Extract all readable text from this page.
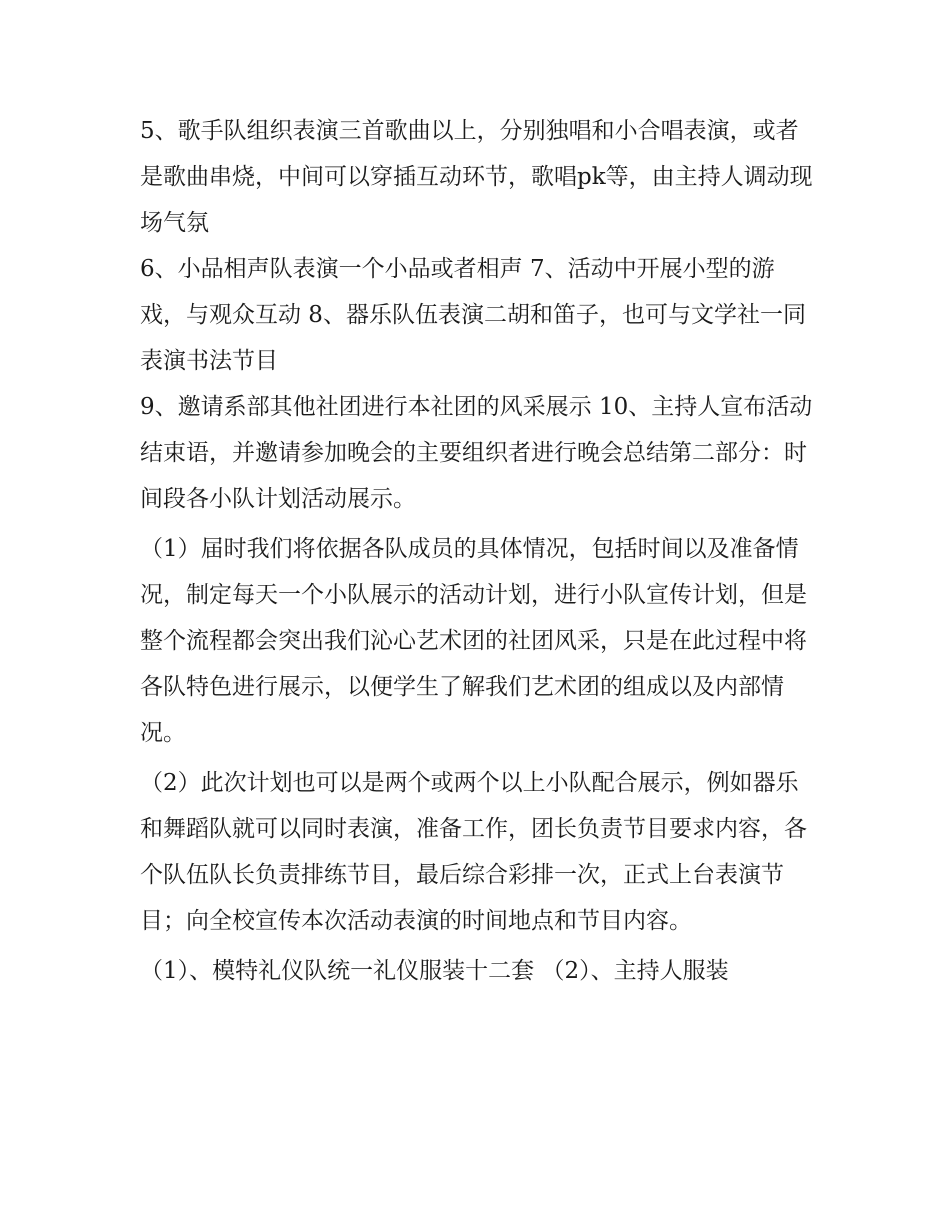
5、歌手队组织表演三首歌曲以上，分别独唱和小合唱表演，或者是歌曲串烧，中间可以穿插互动环节，歌唱pk等，由主持人调动现场气氛

6、小品相声队表演一个小品或者相声 7、活动中开展小型的游戏，与观众互动 8、器乐队伍表演二胡和笛子，也可与文学社一同表演书法节目

9、邀请系部其他社团进行本社团的风采展示 10、主持人宣布活动结束语，并邀请参加晚会的主要组织者进行晚会总结第二部分：时间段各小队计划活动展示。

（1）届时我们将依据各队成员的具体情况，包括时间以及准备情况，制定每天一个小队展示的活动计划，进行小队宣传计划，但是整个流程都会突出我们沁心艺术团的社团风采，只是在此过程中将各队特色进行展示，以便学生了解我们艺术团的组成以及内部情况。

（2）此次计划也可以是两个或两个以上小队配合展示，例如器乐和舞蹈队就可以同时表演，准备工作，团长负责节目要求内容，各个队伍队长负责排练节目，最后综合彩排一次，正式上台表演节目；向全校宣传本次活动表演的时间地点和节目内容。

（1）、模特礼仪队统一礼仪服装十二套 （2）、主持人服装
